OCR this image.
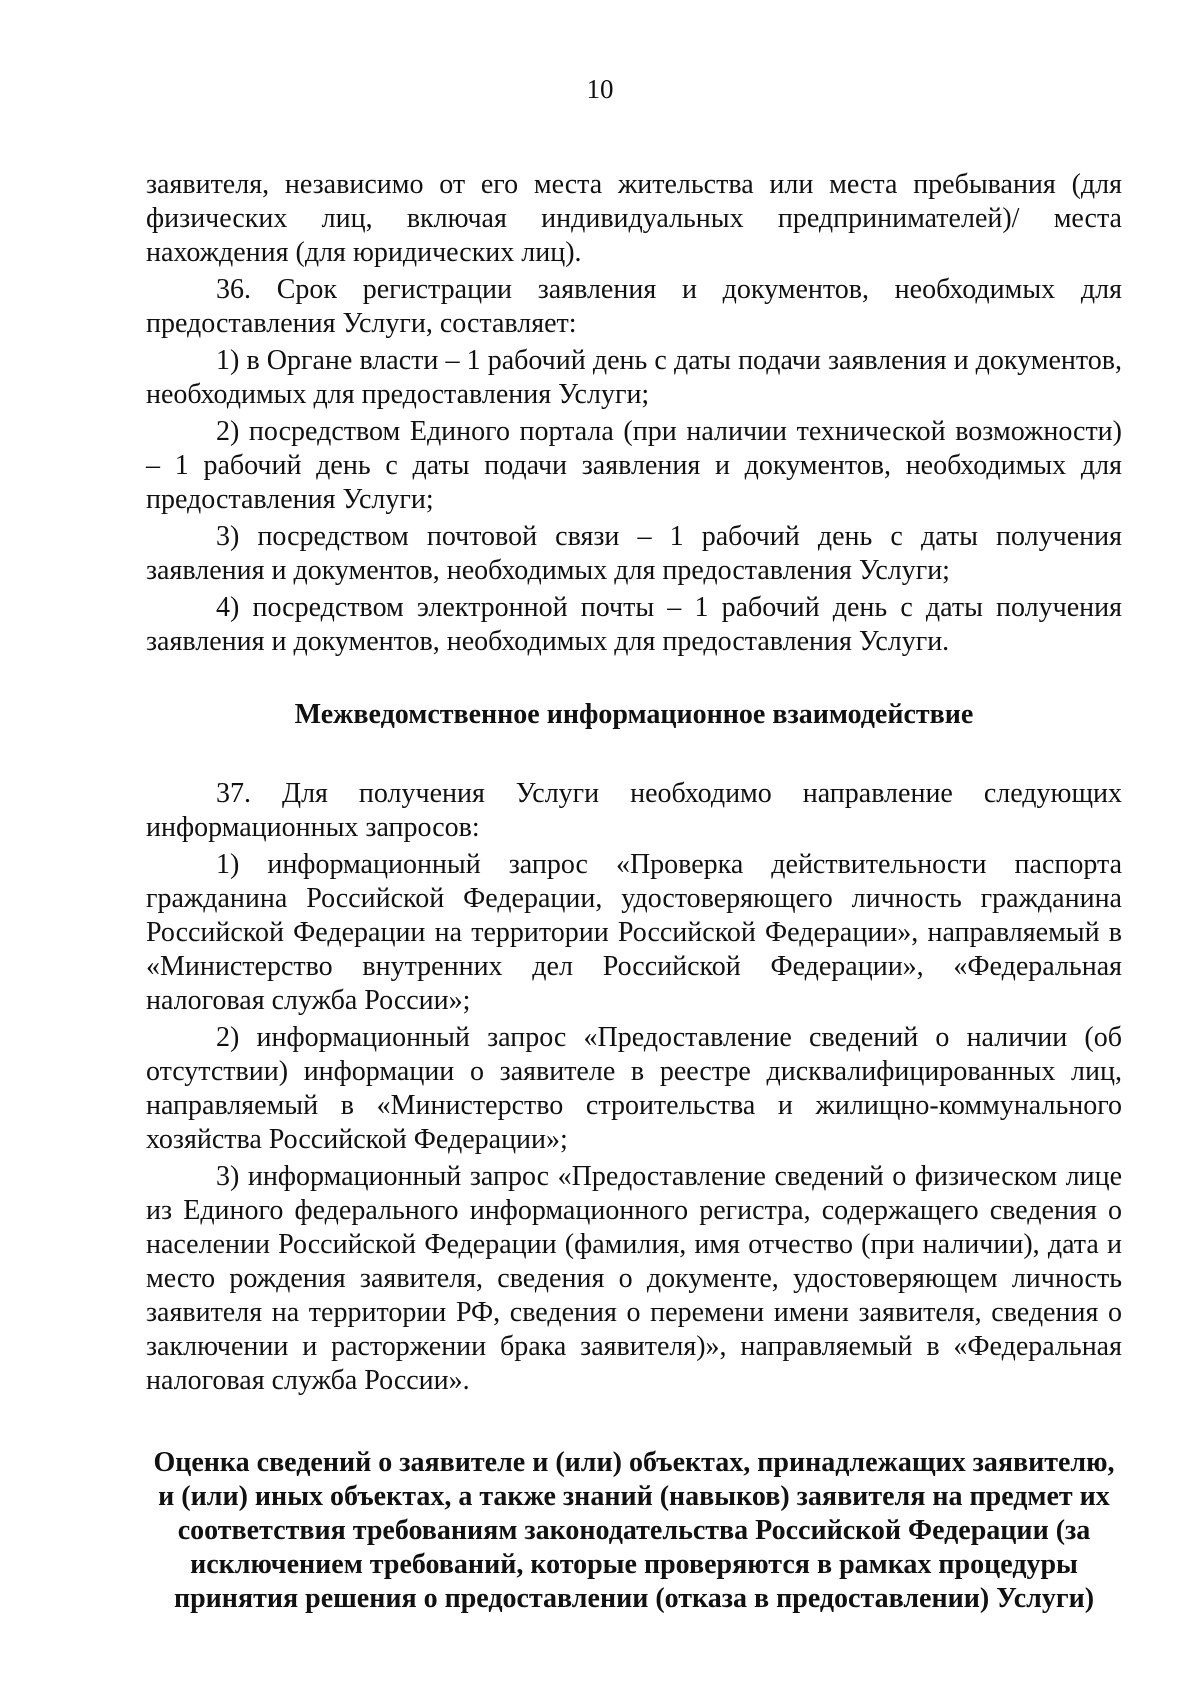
10

заявителя, независимо от его места жительства или места пребывания (для физических лиц, включая индивидуальных предпринимателей)/ места нахождения (для юридических лиц).

36. Срок регистрации заявления и документов, необходимых для предоставления Услуги, составляет:

1) в Органе власти – 1 рабочий день с даты подачи заявления и документов, необходимых для предоставления Услуги;

2) посредством Единого портала (при наличии технической возможности) – 1 рабочий день с даты подачи заявления и документов, необходимых для предоставления Услуги;

3) посредством почтовой связи – 1 рабочий день с даты получения заявления и документов, необходимых для предоставления Услуги;

4) посредством электронной почты – 1 рабочий день с даты получения заявления и документов, необходимых для предоставления Услуги.

Межведомственное информационное взаимодействие

37. Для получения Услуги необходимо направление следующих информационных запросов:

1) информационный запрос «Проверка действительности паспорта гражданина Российской Федерации, удостоверяющего личность гражданина Российской Федерации на территории Российской Федерации», направляемый в «Министерство внутренних дел Российской Федерации», «Федеральная налоговая служба России»;

2) информационный запрос «Предоставление сведений о наличии (об отсутствии) информации о заявителе в реестре дисквалифицированных лиц, направляемый в «Министерство строительства и жилищно-коммунального хозяйства Российской Федерации»;

3) информационный запрос «Предоставление сведений о физическом лице из Единого федерального информационного регистра, содержащего сведения о населении Российской Федерации (фамилия, имя отчество (при наличии), дата и место рождения заявителя, сведения о документе, удостоверяющем личность заявителя на территории РФ, сведения о перемени имени заявителя, сведения о заключении и расторжении брака заявителя)», направляемый в «Федеральная налоговая служба России».

Оценка сведений о заявителе и (или) объектах, принадлежащих заявителю, и (или) иных объектах, а также знаний (навыков) заявителя на предмет их соответствия требованиям законодательства Российской Федерации (за исключением требований, которые проверяются в рамках процедуры принятия решения о предоставлении (отказа в предоставлении) Услуги)
